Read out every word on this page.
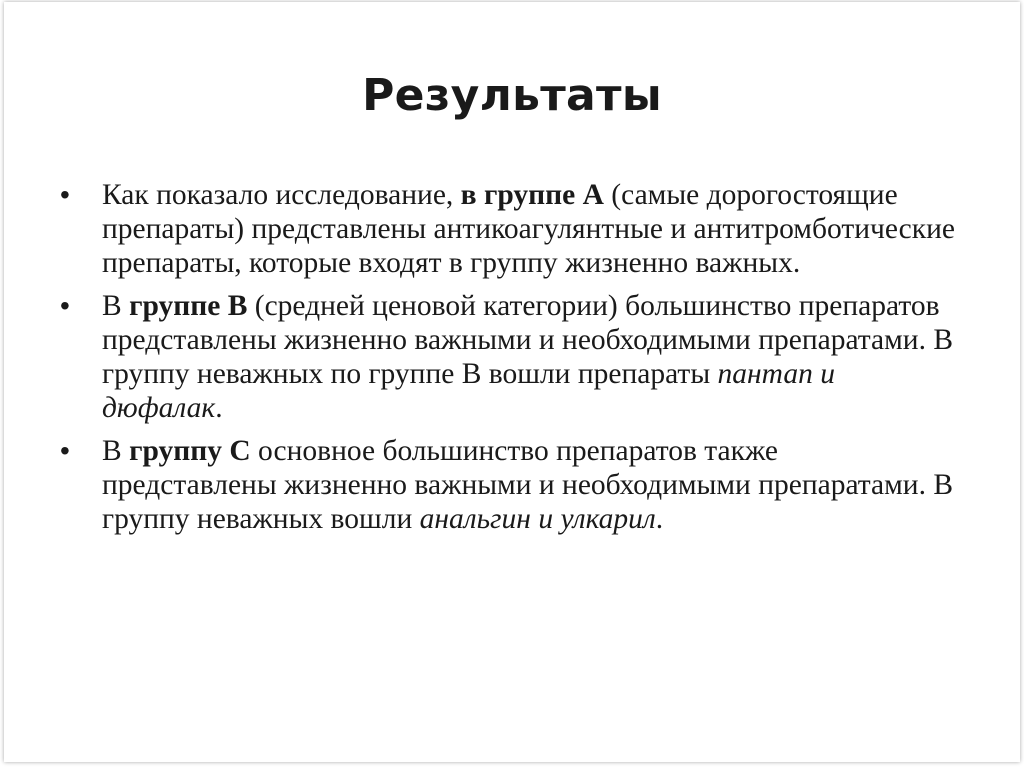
Результаты
• Как показало исследование, в группе А (самые дорогостоящие препараты) представлены антикоагулянтные и антитромботические препараты, которые входят в группу жизненно важных.
• В группе В (средней ценовой категории) большинство препаратов представлены жизненно важными и необходимыми препаратами. В группу неважных по группе В вошли препараты пантап и дюфалак.
• В группу С основное большинство препаратов также представлены жизненно важными и необходимыми препаратами. В группу неважных вошли анальгин и улкарил.
